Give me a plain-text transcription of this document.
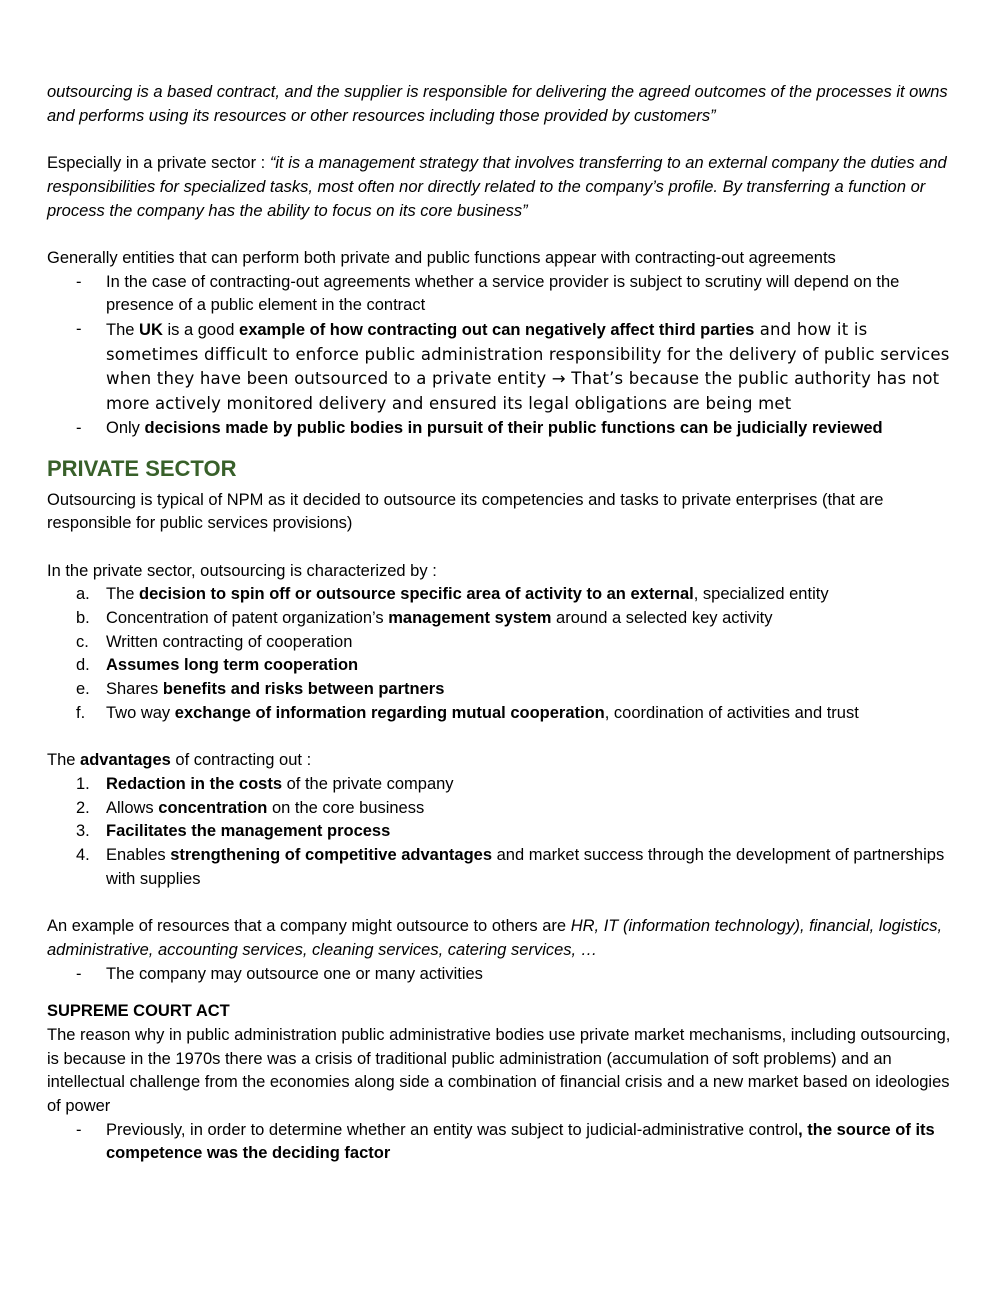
outsourcing is a based contract, and the supplier is responsible for delivering the agreed outcomes of the processes it owns and performs using its resources or other resources including those provided by customers”

Especially in a private sector : “it is a management strategy that involves transferring to an external company the duties and responsibilities for specialized tasks, most often nor directly related to the company’s profile. By transferring a function or process the company has the ability to focus on its core business”

Generally entities that can perform both private and public functions appear with contracting-out agreements

- In the case of contracting-out agreements whether a service provider is subject to scrutiny will depend on the presence of a public element in the contract
- The UK is a good example of how contracting out can negatively affect third parties and how it is sometimes difficult to enforce public administration responsibility for the delivery of public services when they have been outsourced to a private entity → That’s because the public authority has not more actively monitored delivery and ensured its legal obligations are being met
- Only decisions made by public bodies in pursuit of their public functions can be judicially reviewed
PRIVATE SECTOR

Outsourcing is typical of NPM as it decided to outsource its competencies and tasks to private enterprises (that are responsible for public services provisions)

In the private sector, outsourcing is characterized by :

a. The decision to spin off or outsource specific area of activity to an external, specialized entity
b. Concentration of patent organization’s management system around a selected key activity
c. Written contracting of cooperation
d. Assumes long term cooperation
e. Shares benefits and risks between partners
f. Two way exchange of information regarding mutual cooperation, coordination of activities and trust

The advantages of contracting out :

1. Redaction in the costs of the private company
2. Allows concentration on the core business
3. Facilitates the management process
4. Enables strengthening of competitive advantages and market success through the development of partnerships with supplies

An example of resources that a company might outsource to others are HR, IT (information technology), financial, logistics, administrative, accounting services, cleaning services, catering services, …

- The company may outsource one or many activities
SUPREME COURT ACT

The reason why in public administration public administrative bodies use private market mechanisms, including outsourcing, is because in the 1970s there was a crisis of traditional public administration (accumulation of soft problems) and an intellectual challenge from the economies along side a combination of financial crisis and a new market based on ideologies of power

- Previously, in order to determine whether an entity was subject to judicial-administrative control, the source of its competence was the deciding factor
